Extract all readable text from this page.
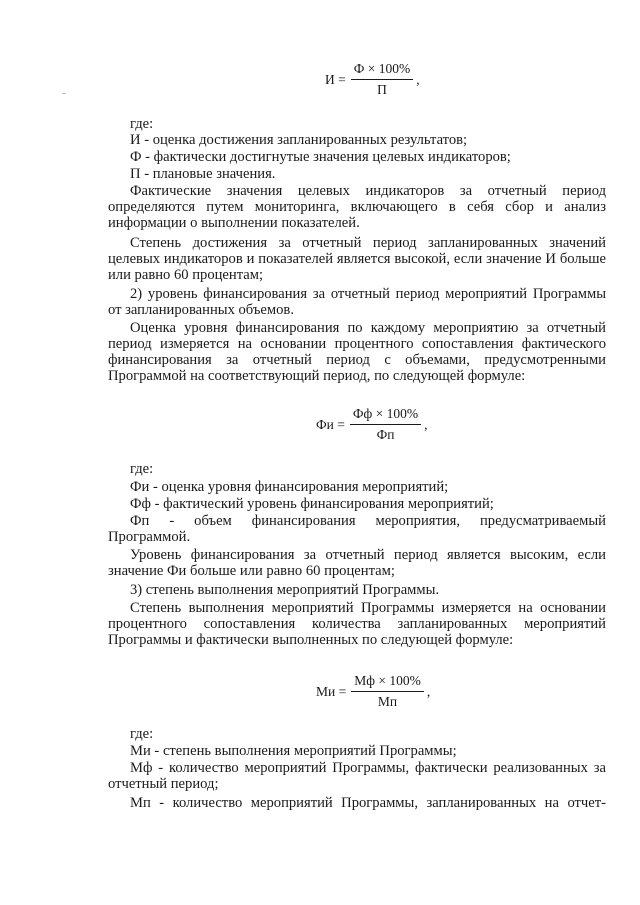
$И = \frac{Ф \times 100\%}{П}$ ,

где:

И - оценка достижения запланированных результатов;

Ф - фактически достигнутые значения целевых индикаторов;

П - плановые значения.

Фактические значения целевых индикаторов за отчетный период определяются путем мониторинга, включающего в себя сбор и анализ информации о выполнении показателей.

Степень достижения за отчетный период запланированных значений целевых индикаторов и показателей является высокой, если значение И больше или равно 60 процентам;

2) уровень финансирования за отчетный период мероприятий Программы от запланированных объемов.

Оценка уровня финансирования по каждому мероприятию за отчетный период измеряется на основании процентного сопоставления фактического финансирования за отчетный период с объемами, предусмотренными Программой на соответствующий период, по следующей формуле:

Фи = $\frac{Фф \times 100\%}{Фп}$ ,

где:

Фи - оценка уровня финансирования мероприятий;

Фф - фактический уровень финансирования мероприятий;

Фп - объем финансирования мероприятия, предусматриваемый Программой.

Уровень финансирования за отчетный период является высоким, если значение Фи больше или равно 60 процентам;

3) степень выполнения мероприятий Программы.

Степень выполнения мероприятий Программы измеряется на основании процентного сопоставления количества запланированных мероприятий Программы и фактически выполненных по следующей формуле:

Ми = $\frac{Мф \times 100\%}{Мп}$ ,

где:

Ми - степень выполнения мероприятий Программы;

Мф - количество мероприятий Программы, фактически реализованных за отчетный период;

Мп - количество мероприятий Программы, запланированных на отчет-
